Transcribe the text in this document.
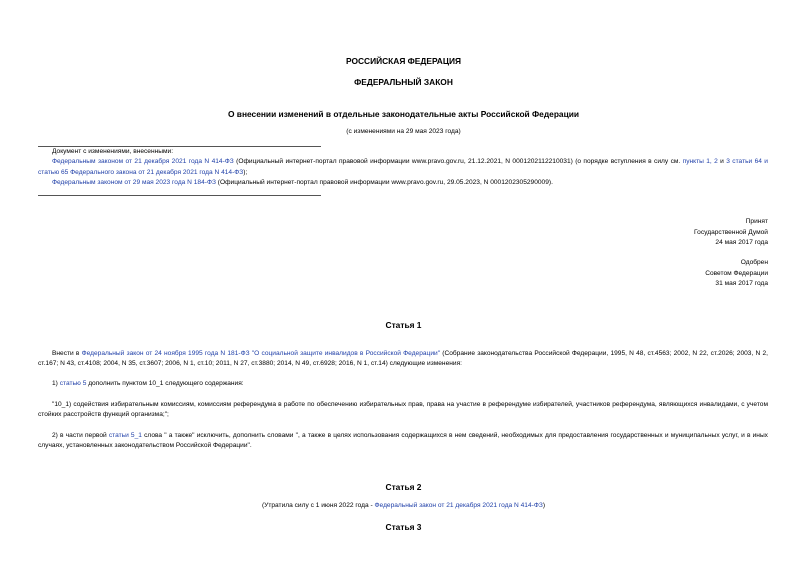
РОССИЙСКАЯ ФЕДЕРАЦИЯ
ФЕДЕРАЛЬНЫЙ ЗАКОН
О внесении изменений в отдельные законодательные акты Российской Федерации
(с изменениями на 29 мая 2023 года)
Документ с изменениями, внесенными:
Федеральным законом от 21 декабря 2021 года N 414-ФЗ (Официальный интернет-портал правовой информации www.pravo.gov.ru, 21.12.2021, N 0001202112210031) (о порядке вступления в силу см. пункты 1, 2 и 3 статьи 64 и статью 65 Федерального закона от 21 декабря 2021 года N 414-ФЗ);
Федеральным законом от 29 мая 2023 года N 184-ФЗ (Официальный интернет-портал правовой информации www.pravo.gov.ru, 29.05.2023, N 0001202305290009).
Принят
Государственной Думой
24 мая 2017 года
Одобрен
Советом Федерации
31 мая 2017 года
Статья 1
Внести в Федеральный закон от 24 ноября 1995 года N 181-ФЗ "О социальной защите инвалидов в Российской Федерации" (Собрание законодательства Российской Федерации, 1995, N 48, ст.4563; 2002, N 22, ст.2026; 2003, N 2, ст.167; N 43, ст.4108; 2004, N 35, ст.3607; 2006, N 1, ст.10; 2011, N 27, ст.3880; 2014, N 49, ст.6928; 2016, N 1, ст.14) следующие изменения:
1) статью 5 дополнить пунктом 10_1 следующего содержания:
"10_1) содействия избирательным комиссиям, комиссиям референдума в работе по обеспечению избирательных прав, права на участие в референдуме избирателей, участников референдума, являющихся инвалидами, с учетом стойких расстройств функций организма;";
2) в части первой статьи 5_1 слова " а также" исключить, дополнить словами ", а также в целях использования содержащихся в нем сведений, необходимых для предоставления государственных и муниципальных услуг, и в иных случаях, установленных законодательством Российской Федерации".
Статья 2
(Утратила силу с 1 июня 2022 года - Федеральный закон от 21 декабря 2021 года N 414-ФЗ)
Статья 3
